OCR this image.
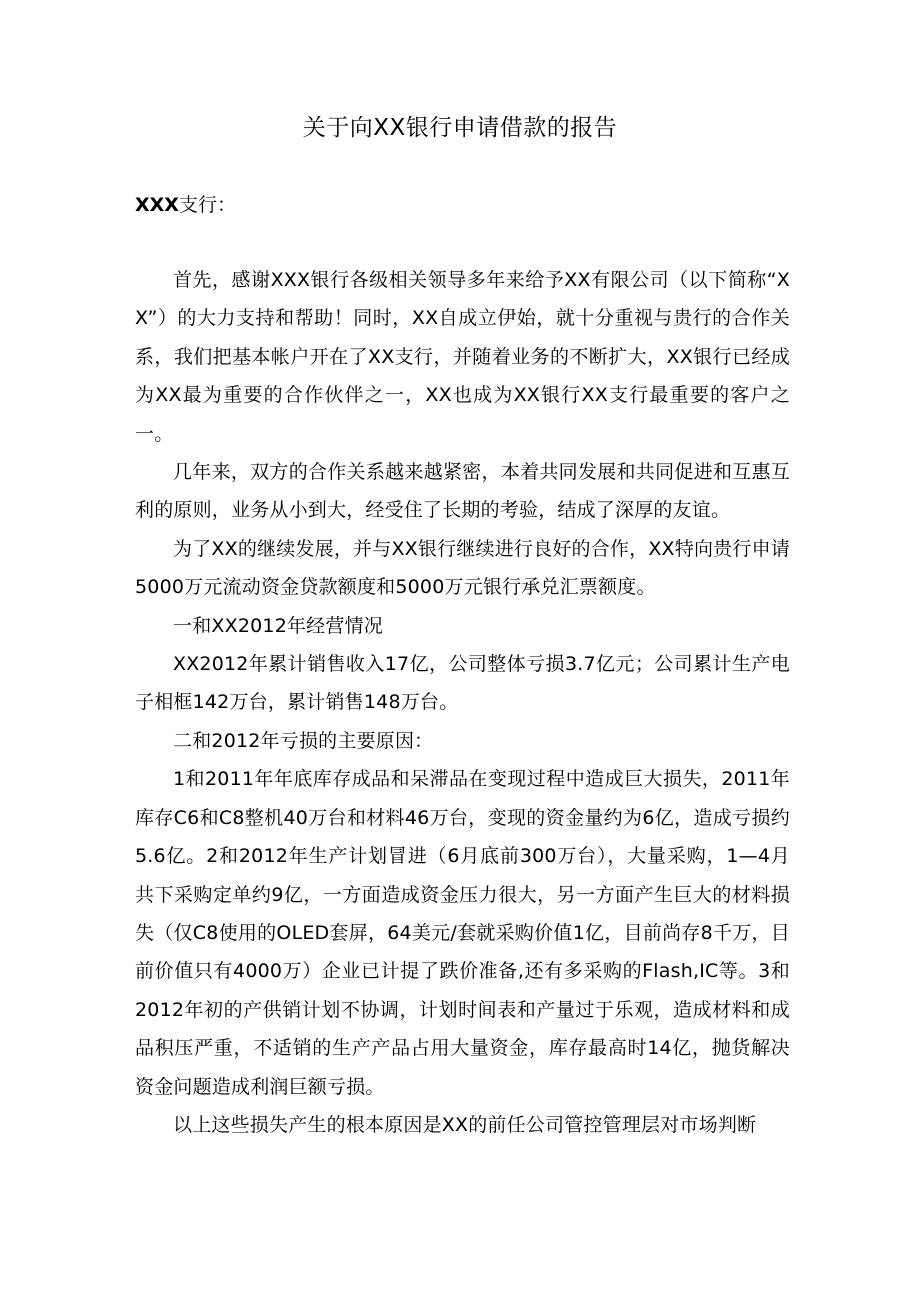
关于向XX银行申请借款的报告
XXX支行：

首先，感谢XXX银行各级相关领导多年来给予XX有限公司（以下简称“XX”）的大力支持和帮助！同时，XX自成立伊始，就十分重视与贵行的合作关系，我们把基本帐户开在了XX支行，并随着业务的不断扩大，XX银行已经成为XX最为重要的合作伙伴之一，XX也成为XX银行XX支行最重要的客户之一。

几年来，双方的合作关系越来越紧密，本着共同发展和共同促进和互惠互利的原则，业务从小到大，经受住了长期的考验，结成了深厚的友谊。

为了XX的继续发展，并与XX银行继续进行良好的合作，XX特向贵行申请5000万元流动资金贷款额度和5000万元银行承兑汇票额度。

一和XX2012年经营情况

XX2012年累计销售收入17亿，公司整体亏损3.7亿元；公司累计生产电子相框142万台，累计销售148万台。

二和2012年亏损的主要原因：

1和2011年年底库存成品和呆滞品在变现过程中造成巨大损失，2011年库存C6和C8整机40万台和材料46万台，变现的资金量约为6亿，造成亏损约5.6亿。2和2012年生产计划冒进（6月底前300万台），大量采购，1—4月共下采购定单约9亿，一方面造成资金压力很大，另一方面产生巨大的材料损失（仅C8使用的OLED套屏，64美元/套就采购价值1亿，目前尚存8千万，目前价值只有4000万）企业已计提了跌价准备,还有多采购的Flash,IC等。3和2012年初的产供销计划不协调，计划时间表和产量过于乐观，造成材料和成品积压严重，不适销的生产产品占用大量资金，库存最高时14亿，抛货解决资金问题造成利润巨额亏损。

以上这些损失产生的根本原因是XX的前任公司管控管理层对市场判断
